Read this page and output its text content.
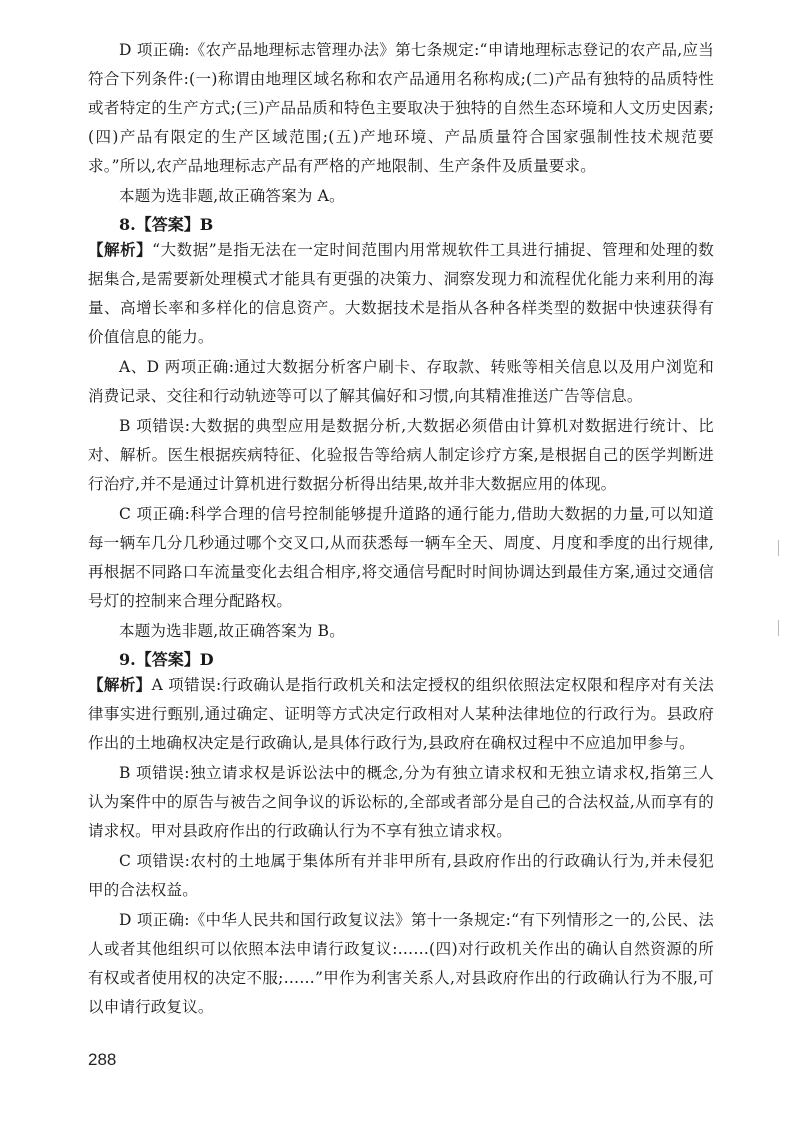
D 项正确:《农产品地理标志管理办法》第七条规定:“申请地理标志登记的农产品,应当符合下列条件:(一)称谓由地理区域名称和农产品通用名称构成;(二)产品有独特的品质特性或者特定的生产方式;(三)产品品质和特色主要取决于独特的自然生态环境和人文历史因素;(四)产品有限定的生产区域范围;(五)产地环境、产品质量符合国家强制性技术规范要求。”所以,农产品地理标志产品有严格的产地限制、生产条件及质量要求。

本题为选非题,故正确答案为 A。

8.【答案】B

【解析】“大数据”是指无法在一定时间范围内用常规软件工具进行捕捉、管理和处理的数据集合,是需要新处理模式才能具有更强的决策力、洞察发现力和流程优化能力来利用的海量、高增长率和多样化的信息资产。大数据技术是指从各种各样类型的数据中快速获得有价值信息的能力。

A、D 两项正确:通过大数据分析客户刷卡、存取款、转账等相关信息以及用户浏览和消费记录、交往和行动轨迹等可以了解其偏好和习惯,向其精准推送广告等信息。

B 项错误:大数据的典型应用是数据分析,大数据必须借由计算机对数据进行统计、比对、解析。医生根据疾病特征、化验报告等给病人制定诊疗方案,是根据自己的医学判断进行治疗,并不是通过计算机进行数据分析得出结果,故并非大数据应用的体现。

C 项正确:科学合理的信号控制能够提升道路的通行能力,借助大数据的力量,可以知道每一辆车几分几秒通过哪个交叉口,从而获悉每一辆车全天、周度、月度和季度的出行规律,再根据不同路口车流量变化去组合相序,将交通信号配时时间协调达到最佳方案,通过交通信号灯的控制来合理分配路权。

本题为选非题,故正确答案为 B。

9.【答案】D

【解析】A 项错误:行政确认是指行政机关和法定授权的组织依照法定权限和程序对有关法律事实进行甄别,通过确定、证明等方式决定行政相对人某种法律地位的行政行为。县政府作出的土地确权决定是行政确认,是具体行政行为,县政府在确权过程中不应追加甲参与。

B 项错误:独立请求权是诉讼法中的概念,分为有独立请求权和无独立请求权,指第三人认为案件中的原告与被告之间争议的诉讼标的,全部或者部分是自己的合法权益,从而享有的请求权。甲对县政府作出的行政确认行为不享有独立请求权。

C 项错误:农村的土地属于集体所有并非甲所有,县政府作出的行政确认行为,并未侵犯甲的合法权益。

D 项正确:《中华人民共和国行政复议法》第十一条规定:“有下列情形之一的,公民、法人或者其他组织可以依照本法申请行政复议:……(四)对行政机关作出的确认自然资源的所有权或者使用权的决定不服;……”甲作为利害关系人,对县政府作出的行政确认行为不服,可以申请行政复议。

288
